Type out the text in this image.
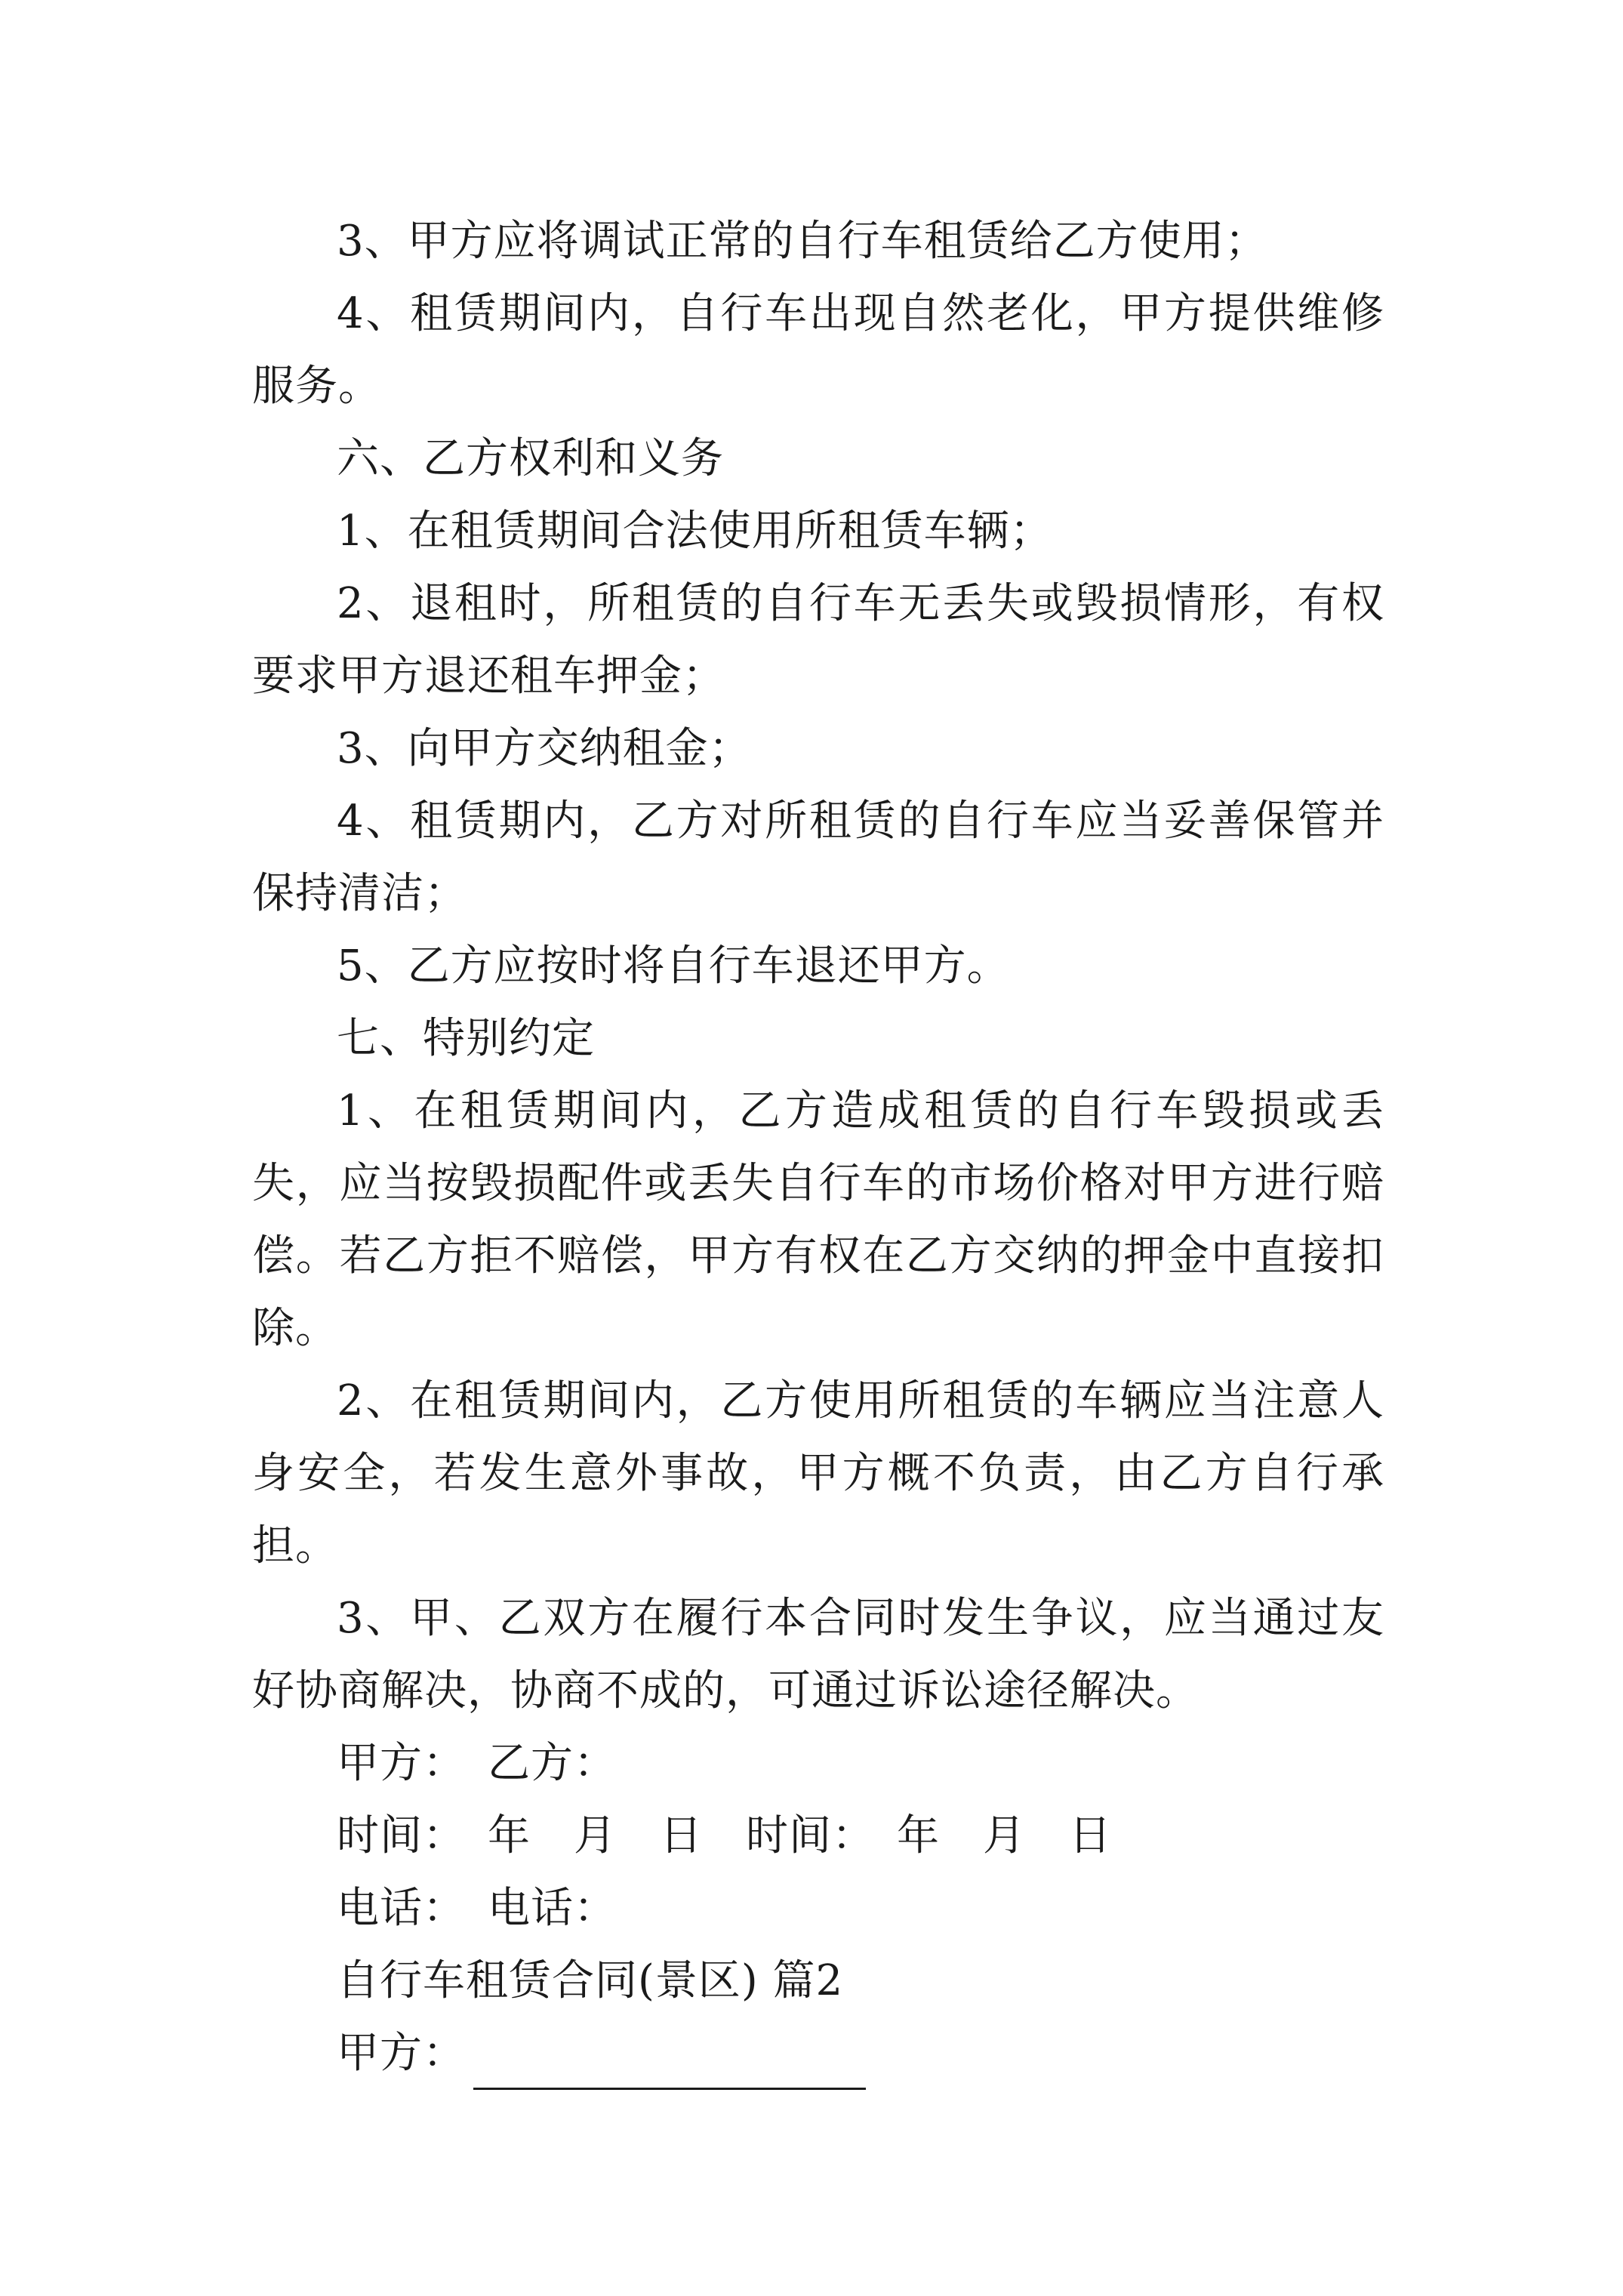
3、甲方应将调试正常的自行车租赁给乙方使用；

4、租赁期间内，自行车出现自然老化，甲方提供维修服务。

六、乙方权利和义务

1、在租赁期间合法使用所租赁车辆；

2、退租时，所租赁的自行车无丢失或毁损情形，有权要求甲方退还租车押金；

3、向甲方交纳租金；

4、租赁期内，乙方对所租赁的自行车应当妥善保管并保持清洁；

5、乙方应按时将自行车退还甲方。

七、特别约定

1、在租赁期间内，乙方造成租赁的自行车毁损或丢失，应当按毁损配件或丢失自行车的市场价格对甲方进行赔偿。若乙方拒不赔偿，甲方有权在乙方交纳的押金中直接扣除。

2、在租赁期间内，乙方使用所租赁的车辆应当注意人身安全，若发生意外事故，甲方概不负责，由乙方自行承担。

3、甲、乙双方在履行本合同时发生争议，应当通过友好协商解决，协商不成的，可通过诉讼途径解决。

甲方：　乙方：

时间：　年　月　日　时间：　年　月　日

电话：　电话：

自行车租赁合同(景区) 篇2

甲方：
